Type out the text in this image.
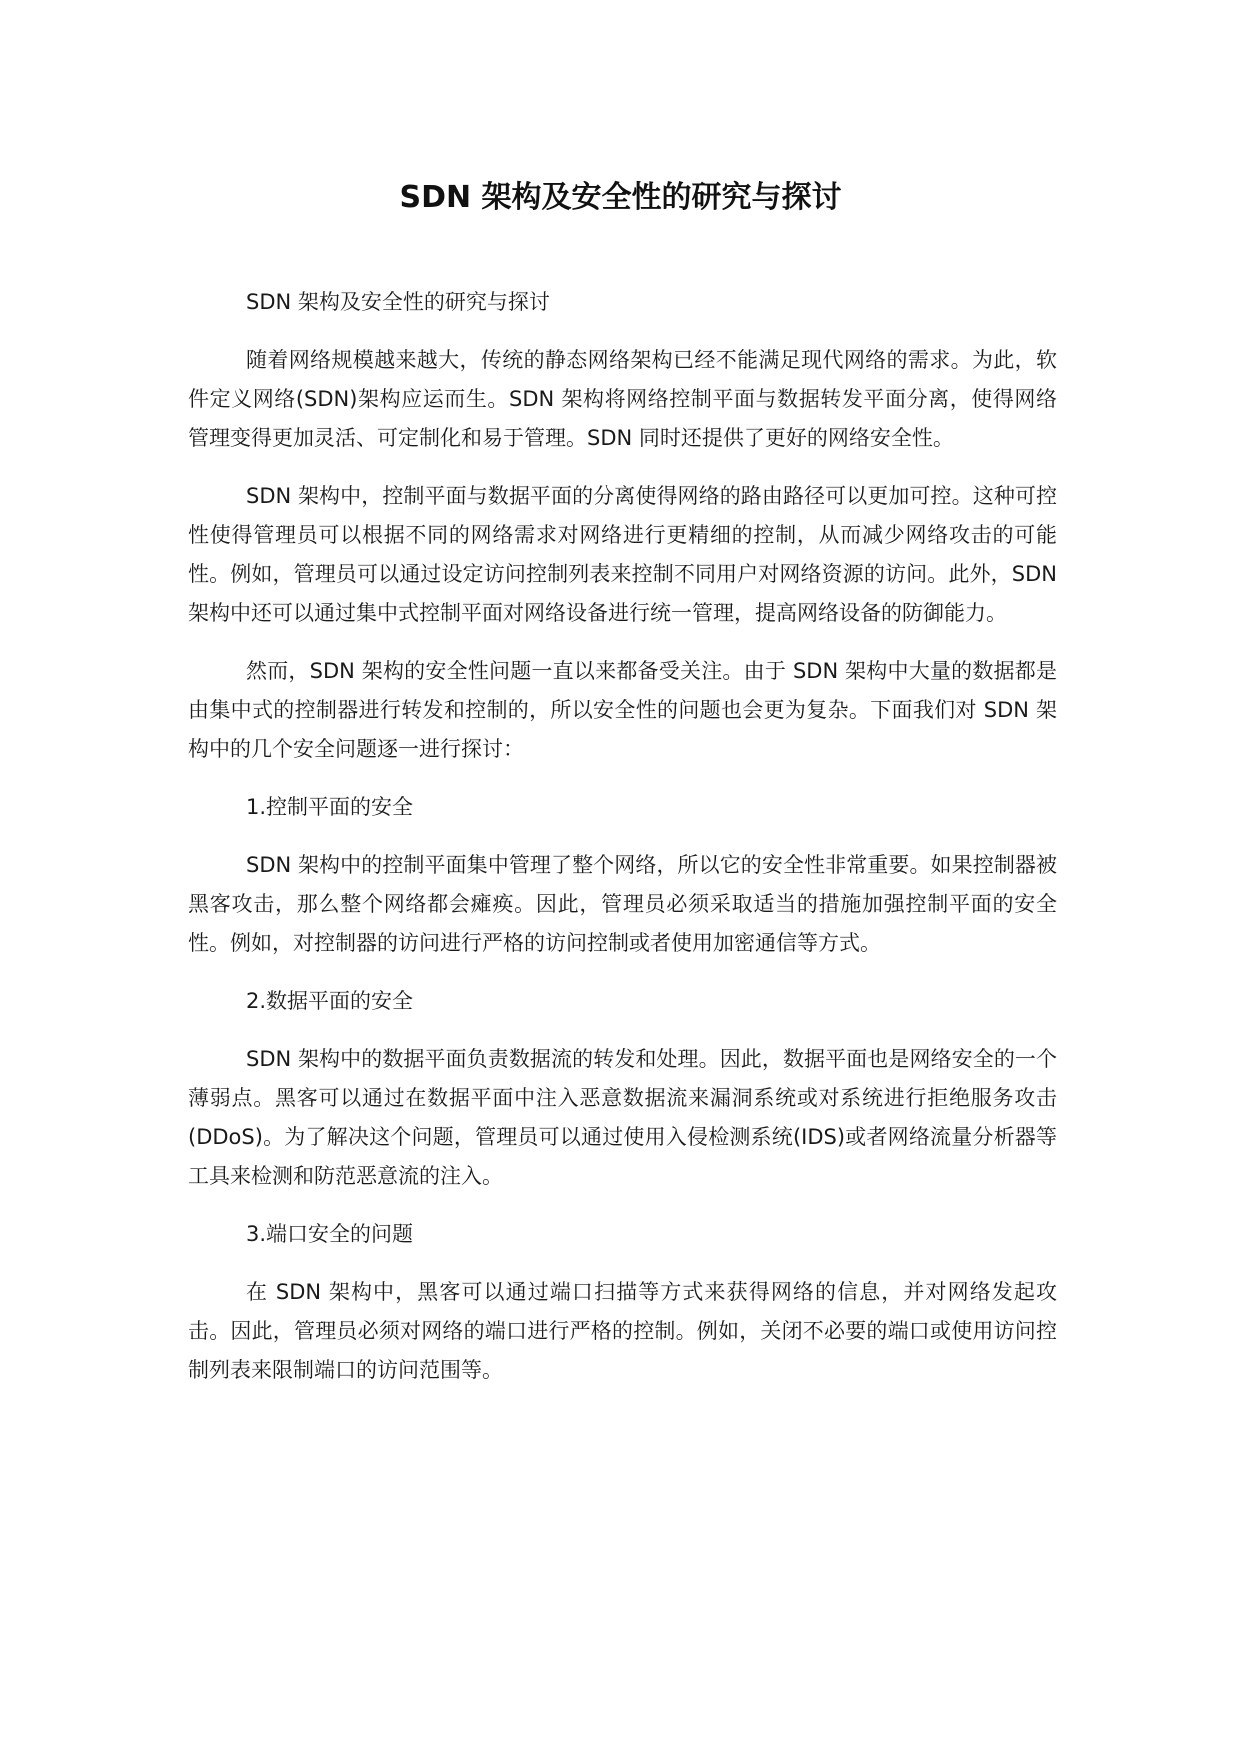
SDN 架构及安全性的研究与探讨

SDN 架构及安全性的研究与探讨

随着网络规模越来越大，传统的静态网络架构已经不能满足现代网络的需求。为此，软件定义网络(SDN)架构应运而生。SDN 架构将网络控制平面与数据转发平面分离，使得网络管理变得更加灵活、可定制化和易于管理。SDN 同时还提供了更好的网络安全性。

SDN 架构中，控制平面与数据平面的分离使得网络的路由路径可以更加可控。这种可控性使得管理员可以根据不同的网络需求对网络进行更精细的控制，从而减少网络攻击的可能性。例如，管理员可以通过设定访问控制列表来控制不同用户对网络资源的访问。此外，SDN 架构中还可以通过集中式控制平面对网络设备进行统一管理，提高网络设备的防御能力。

然而，SDN 架构的安全性问题一直以来都备受关注。由于 SDN 架构中大量的数据都是由集中式的控制器进行转发和控制的，所以安全性的问题也会更为复杂。下面我们对 SDN 架构中的几个安全问题逐一进行探讨：

1.控制平面的安全

SDN 架构中的控制平面集中管理了整个网络，所以它的安全性非常重要。如果控制器被黑客攻击，那么整个网络都会瘫痪。因此，管理员必须采取适当的措施加强控制平面的安全性。例如，对控制器的访问进行严格的访问控制或者使用加密通信等方式。

2.数据平面的安全

SDN 架构中的数据平面负责数据流的转发和处理。因此，数据平面也是网络安全的一个薄弱点。黑客可以通过在数据平面中注入恶意数据流来漏洞系统或对系统进行拒绝服务攻击(DDoS)。为了解决这个问题，管理员可以通过使用入侵检测系统(IDS)或者网络流量分析器等工具来检测和防范恶意流的注入。

3.端口安全的问题

在 SDN 架构中，黑客可以通过端口扫描等方式来获得网络的信息，并对网络发起攻击。因此，管理员必须对网络的端口进行严格的控制。例如，关闭不必要的端口或使用访问控制列表来限制端口的访问范围等。
